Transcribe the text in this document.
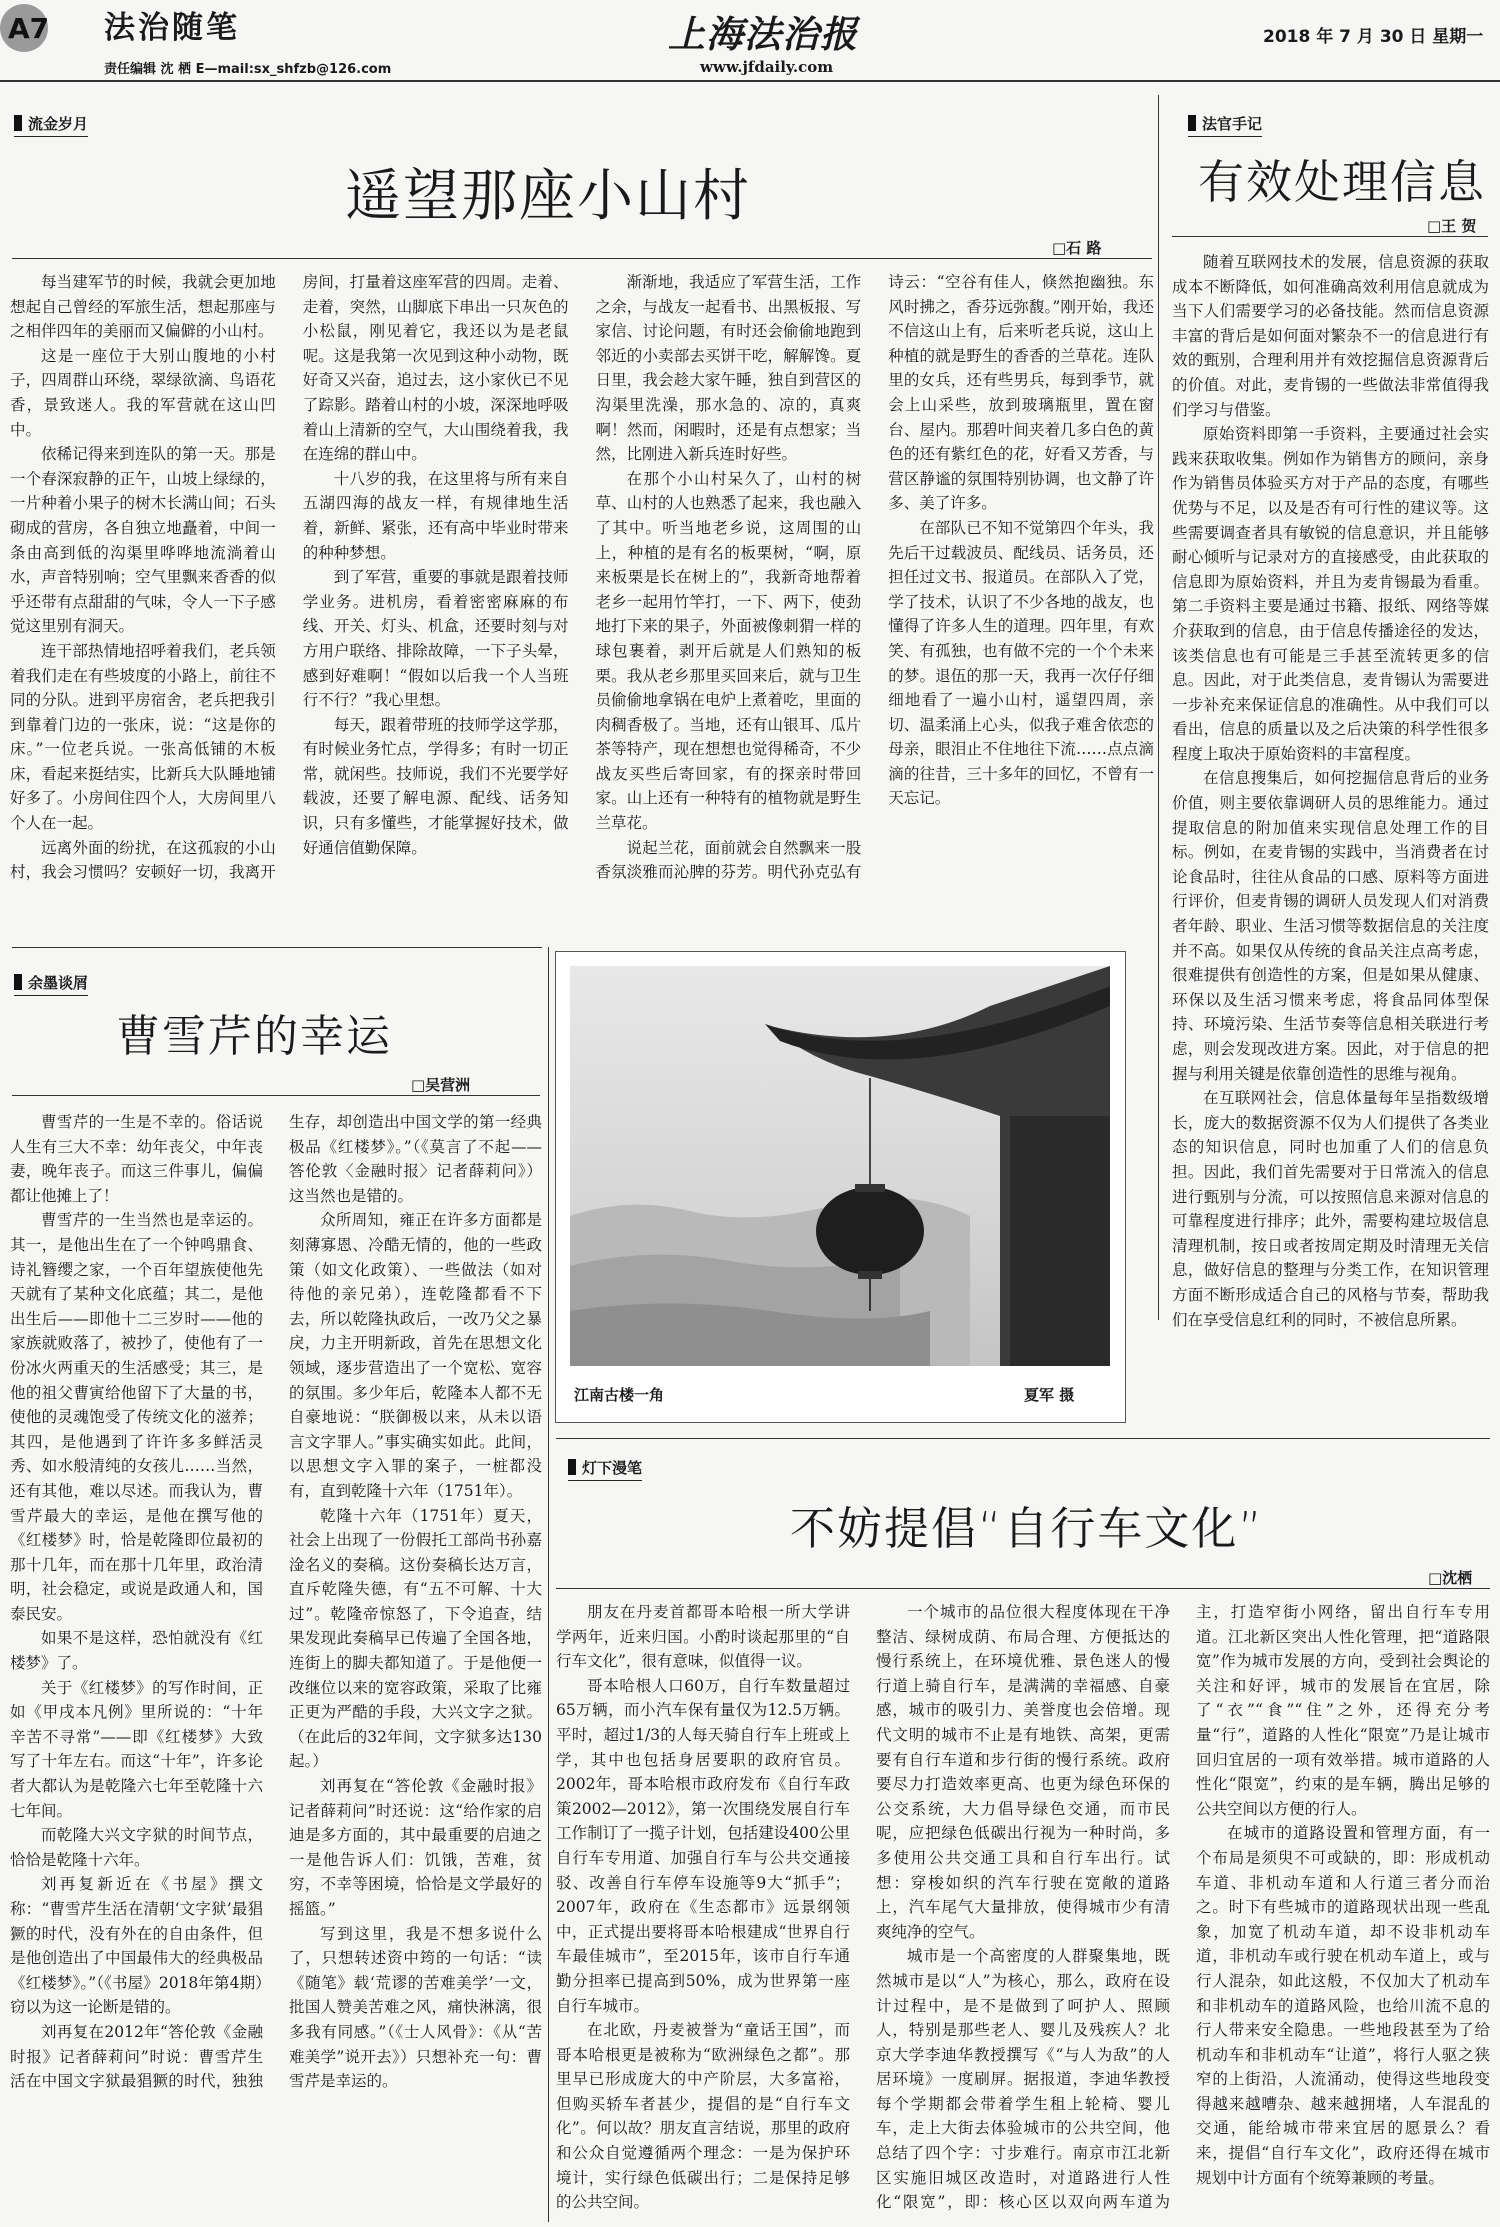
A7 法治随笔
责任编辑 沈 栖 E—mail:sx_shfzb@126.com
上海法治报
www.jfdaily.com
2018 年 7 月 30 日 星期一
流金岁月
遥望那座小山村
□石 路

每当建军节的时候，我就会更加地想起自己曾经的军旅生活，想起那座与之相伴四年的美丽而又偏僻的小山村。

这是一座位于大别山腹地的小村子，四周群山环绕，翠绿欲滴、鸟语花香，景致迷人。我的军营就在这山凹中。

依稀记得来到连队的第一天。那是一个春深寂静的正午，山坡上绿绿的，一片种着小果子的树木长满山间；石头砌成的营房，各自独立地矗着，中间一条由高到低的沟渠里哗哗地流淌着山水，声音特别响；空气里飘来香香的似乎还带有点甜甜的气味，令人一下子感觉这里别有洞天。

连干部热情地招呼着我们，老兵领着我们走在有些坡度的小路上，前往不同的分队。进到平房宿舍，老兵把我引到靠着门边的一张床，说：“这是你的床。”一位老兵说。一张高低铺的木板床，看起来挺结实，比新兵大队睡地铺好多了。小房间住四个人，大房间里八个人在一起。

远离外面的纷扰，在这孤寂的小山村，我会习惯吗？安顿好一切，我离开房间，打量着这座军营的四周。走着、走着，突然，山脚底下串出一只灰色的小松鼠，刚见着它，我还以为是老鼠呢。这是我第一次见到这种小动物，既好奇又兴奋，追过去，这小家伙已不见了踪影。踏着山村的小坡，深深地呼吸着山上清新的空气，大山围绕着我，我在连绵的群山中。

十八岁的我，在这里将与所有来自五湖四海的战友一样，有规律地生活着，新鲜、紧张，还有高中毕业时带来的种种梦想。

到了军营，重要的事就是跟着技师学业务。进机房，看着密密麻麻的布线、开关、灯头、机盒，还要时刻与对方用户联络、排除故障，一下子头晕，感到好难啊！“假如以后我一个人当班行不行？”我心里想。

每天，跟着带班的技师学这学那，有时候业务忙点，学得多；有时一切正常，就闲些。技师说，我们不光要学好载波，还要了解电源、配线、话务知识，只有多懂些，才能掌握好技术，做好通信值勤保障。

渐渐地，我适应了军营生活，工作之余，与战友一起看书、出黑板报、写家信、讨论问题，有时还会偷偷地跑到邻近的小卖部去买饼干吃，解解馋。夏日里，我会趁大家午睡，独自到营区的沟渠里洗澡，那水急的、凉的，真爽啊！然而，闲暇时，还是有点想家；当然，比刚进入新兵连时好些。

在那个小山村呆久了，山村的树草、山村的人也熟悉了起来，我也融入了其中。听当地老乡说，这周围的山上，种植的是有名的板栗树，“啊，原来板栗是长在树上的”，我新奇地帮着老乡一起用竹竿打，一下、两下，使劲地打下来的果子，外面被像刺猬一样的球包裹着，剥开后就是人们熟知的板栗。我从老乡那里买回来后，就与卫生员偷偷地拿锅在电炉上煮着吃，里面的肉稠香极了。当地，还有山银耳、瓜片茶等特产，现在想想也觉得稀奇，不少战友买些后寄回家，有的探亲时带回家。山上还有一种特有的植物就是野生兰草花。

说起兰花，面前就会自然飘来一股香氛淡雅而沁脾的芬芳。明代孙克弘有诗云：“空谷有佳人，倏然抱幽独。东风时拂之，香芬远弥馥。”刚开始，我还不信这山上有，后来听老兵说，这山上种植的就是野生的香香的兰草花。连队里的女兵，还有些男兵，每到季节，就会上山采些，放到玻璃瓶里，置在窗台、屋内。那碧叶间夹着几多白色的黄色的还有紫红色的花，好看又芳香，与营区静谧的氛围特别协调，也文静了许多、美了许多。

在部队已不知不觉第四个年头，我先后干过载波员、配线员、话务员，还担任过文书、报道员。在部队入了党，学了技术，认识了不少各地的战友，也懂得了许多人生的道理。四年里，有欢笑、有孤独，也有做不完的一个个未来的梦。退伍的那一天，我再一次仔仔细细地看了一遍小山村，遥望四周，亲切、温柔涌上心头，似我子难舍依恋的母亲，眼泪止不住地往下流……点点滴滴的往昔，三十多年的回忆，不曾有一天忘记。

法官手记
有效处理信息
□王 贺

随着互联网技术的发展，信息资源的获取成本不断降低，如何准确高效利用信息就成为当下人们需要学习的必备技能。然而信息资源丰富的背后是如何面对繁杂不一的信息进行有效的甄别，合理利用并有效挖掘信息资源背后的价值。对此，麦肯锡的一些做法非常值得我们学习与借鉴。

原始资料即第一手资料，主要通过社会实践来获取收集。例如作为销售方的顾问，亲身作为销售员体验买方对于产品的态度，有哪些优势与不足，以及是否有可行性的建议等。这些需要调查者具有敏锐的信息意识，并且能够耐心倾听与记录对方的直接感受，由此获取的信息即为原始资料，并且为麦肯锡最为看重。第二手资料主要是通过书籍、报纸、网络等媒介获取到的信息，由于信息传播途径的发达，该类信息也有可能是三手甚至流转更多的信息。因此，对于此类信息，麦肯锡认为需要进一步补充来保证信息的准确性。从中我们可以看出，信息的质量以及之后决策的科学性很多程度上取决于原始资料的丰富程度。

在信息搜集后，如何挖掘信息背后的业务价值，则主要依靠调研人员的思维能力。通过提取信息的附加值来实现信息处理工作的目标。例如，在麦肯锡的实践中，当消费者在讨论食品时，往往从食品的口感、原料等方面进行评价，但麦肯锡的调研人员发现人们对消费者年龄、职业、生活习惯等数据信息的关注度并不高。如果仅从传统的食品关注点高考虑，很难提供有创造性的方案，但是如果从健康、环保以及生活习惯来考虑，将食品同体型保持、环境污染、生活节奏等信息相关联进行考虑，则会发现改进方案。因此，对于信息的把握与利用关键是依靠创造性的思维与视角。

在互联网社会，信息体量每年呈指数级增长，庞大的数据资源不仅为人们提供了各类业态的知识信息，同时也加重了人们的信息负担。因此，我们首先需要对于日常流入的信息进行甄别与分流，可以按照信息来源对信息的可靠程度进行排序；此外，需要构建垃圾信息清理机制，按日或者按周定期及时清理无关信息，做好信息的整理与分类工作，在知识管理方面不断形成适合自己的风格与节奏，帮助我们在享受信息红利的同时，不被信息所累。

余墨谈屑
曹雪芹的幸运
□吴营洲

曹雪芹的一生是不幸的。俗话说人生有三大不幸：幼年丧父，中年丧妻，晚年丧子。而这三件事儿，偏偏都让他摊上了！

曹雪芹的一生当然也是幸运的。其一，是他出生在了一个钟鸣鼎食、诗礼簪缨之家，一个百年望族使他先天就有了某种文化底蕴；其二，是他出生后——即他十二三岁时——他的家族就败落了，被抄了，使他有了一份冰火两重天的生活感受；其三，是他的祖父曹寅给他留下了大量的书，使他的灵魂饱受了传统文化的滋养；其四，是他遇到了许许多多鲜活灵秀、如水般清纯的女孩儿……当然，还有其他，难以尽述。而我认为，曹雪芹最大的幸运，是他在撰写他的《红楼梦》时，恰是乾隆即位最初的那十几年，而在那十几年里，政治清明，社会稳定，或说是政通人和，国泰民安。

如果不是这样，恐怕就没有《红楼梦》了。

关于《红楼梦》的写作时间，正如《甲戌本凡例》里所说的：“十年辛苦不寻常”——即《红楼梦》大致写了十年左右。而这“十年”，许多论者大都认为是乾隆六七年至乾隆十六七年间。

而乾隆大兴文字狱的时间节点，恰恰是乾隆十六年。

刘再复新近在《书屋》撰文称：“曹雪芹生活在清朝‘文字狱’最猖獗的时代，没有外在的自由条件，但是他创造出了中国最伟大的经典极品《红楼梦》。”（《书屋》2018年第4期）窃以为这一论断是错的。

刘再复在2012年“答伦敦《金融时报》记者薛莉问”时说：曹雪芹生活在中国文字狱最猖獗的时代，独独生存，却创造出中国文学的第一经典极品《红楼梦》。”（《莫言了不起——答伦敦〈金融时报〉记者薛莉问》）这当然也是错的。

众所周知，雍正在许多方面都是刻薄寡恩、冷酷无情的，他的一些政策（如文化政策）、一些做法（如对待他的亲兄弟），连乾隆都看不下去，所以乾隆执政后，一改乃父之暴戾，力主开明新政，首先在思想文化领域，逐步营造出了一个宽松、宽容的氛围。多少年后，乾隆本人都不无自豪地说：“朕御极以来，从未以语言文字罪人。”事实确实如此。此间，以思想文字入罪的案子，一桩都没有，直到乾隆十六年（1751年）。

乾隆十六年（1751年）夏天，社会上出现了一份假托工部尚书孙嘉淦名义的奏稿。这份奏稿长达万言，直斥乾隆失德，有“五不可解、十大过”。乾隆帝惊怒了，下令追查，结果发现此奏稿早已传遍了全国各地，连街上的脚夫都知道了。于是他便一改继位以来的宽容政策，采取了比雍正更为严酷的手段，大兴文字之狱。（在此后的32年间，文字狱多达130起。）

刘再复在“答伦敦《金融时报》记者薛莉问”时还说：这“给作家的启迪是多方面的，其中最重要的启迪之一是他告诉人们：饥饿，苦难，贫穷，不幸等困境，恰恰是文学最好的摇篮。”

写到这里，我是不想多说什么了，只想转述资中筠的一句话：“读《随笔》载‘荒谬的苦难美学’一文，批国人赞美苦难之风，痛快淋漓，很多我有同感。”（《士人风骨》：《从“苦难美学”说开去》）只想补充一句：曹雪芹是幸运的。

江南古楼一角	夏军 摄
灯下漫笔
不妨提倡“自行车文化”
□沈栖

朋友在丹麦首都哥本哈根一所大学讲学两年，近来归国。小酌时谈起那里的“自行车文化”，很有意味，似值得一议。

哥本哈根人口60万，自行车数量超过65万辆，而小汽车保有量仅为12.5万辆。平时，超过1/3的人每天骑自行车上班或上学，其中也包括身居要职的政府官员。2002年，哥本哈根市政府发布《自行车政策2002—2012》，第一次围绕发展自行车工作制订了一揽子计划，包括建设400公里自行车专用道、加强自行车与公共交通接驳、改善自行车停车设施等9大“抓手”；2007年，政府在《生态都市》远景纲领中，正式提出要将哥本哈根建成“世界自行车最佳城市”，至2015年，该市自行车通勤分担率已提高到50%，成为世界第一座自行车城市。

在北欧，丹麦被誉为“童话王国”，而哥本哈根更是被称为“欧洲绿色之都”。那里早已形成庞大的中产阶层，大多富裕，但购买轿车者甚少，提倡的是“自行车文化”。何以故？朋友直言结说，那里的政府和公众自觉遵循两个理念：一是为保护环境计，实行绿色低碳出行；二是保持足够的公共空间。

一个城市的品位很大程度体现在干净整洁、绿树成荫、布局合理、方便抵达的慢行系统上，在环境优雅、景色迷人的慢行道上骑自行车，是满满的幸福感、自豪感，城市的吸引力、美誉度也会倍增。现代文明的城市不止是有地铁、高架，更需要有自行车道和步行街的慢行系统。政府要尽力打造效率更高、也更为绿色环保的公交系统，大力倡导绿色交通，而市民呢，应把绿色低碳出行视为一种时尚，多多使用公共交通工具和自行车出行。试想：穿梭如织的汽车行驶在宽敞的道路上，汽车尾气大量排放，使得城市少有清爽纯净的空气。

城市是一个高密度的人群聚集地，既然城市是以“人”为核心，那么，政府在设计过程中，是不是做到了呵护人、照顾人，特别是那些老人、婴儿及残疾人？北京大学李迪华教授撰写《“与人为敌”的人居环境》一度刷屏。据报道，李迪华教授每个学期都会带着学生租上轮椅、婴儿车，走上大街去体验城市的公共空间，他总结了四个字：寸步难行。南京市江北新区实施旧城区改造时，对道路进行人性化“限宽”，即：核心区以双向两车道为主，打造窄街小网络，留出自行车专用道。江北新区突出人性化管理，把“道路限宽”作为城市发展的方向，受到社会舆论的关注和好评，城市的发展旨在宜居，除了“衣”“食”“住”之外，还得充分考量“行”，道路的人性化“限宽”乃是让城市回归宜居的一项有效举措。城市道路的人性化“限宽”，约束的是车辆，腾出足够的公共空间以方便的行人。

在城市的道路设置和管理方面，有一个布局是须臾不可或缺的，即：形成机动车道、非机动车道和人行道三者分而治之。时下有些城市的道路现状出现一些乱象，加宽了机动车道，却不设非机动车道，非机动车或行驶在机动车道上，或与行人混杂，如此这般，不仅加大了机动车和非机动车的道路风险，也给川流不息的行人带来安全隐患。一些地段甚至为了给机动车和非机动车“让道”，将行人驱之狭窄的上街沿，人流涌动，使得这些地段变得越来越嘈杂、越来越拥堵，人车混乱的交通，能给城市带来宜居的愿景么？看来，提倡“自行车文化”，政府还得在城市规划中计方面有个统筹兼顾的考量。
